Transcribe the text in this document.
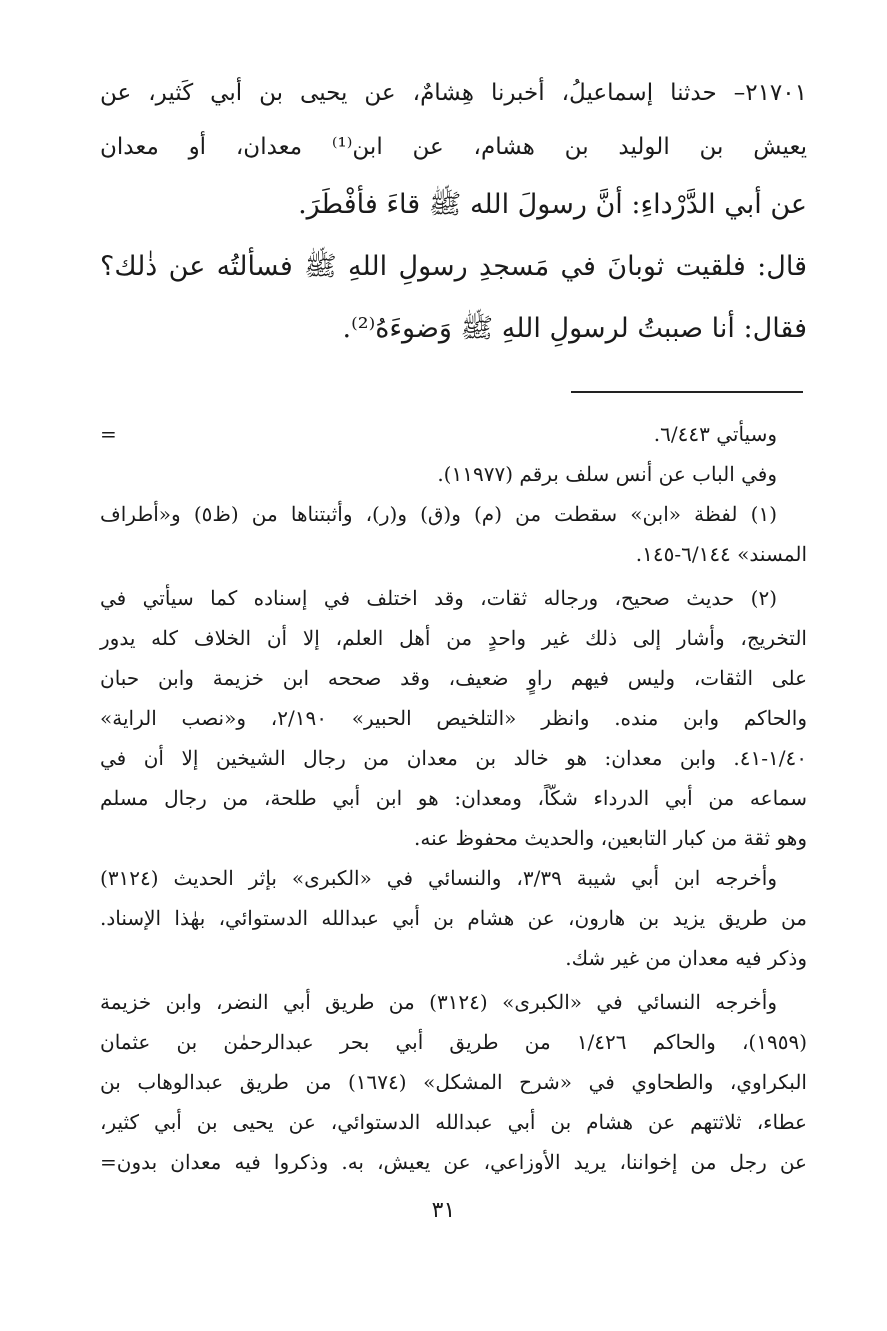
٢١٧٠١– حدثنا إسماعيلُ، أخبرنا هِشامٌ، عن يحيى بن أبي كَثير، عن
يعيش بن الوليد بن هشام، عن ابن⁽¹⁾ معدان، أو معدان
عن أبي الدَّرْداءِ: أنَّ رسولَ الله ﷺ قاءَ فأفْطَرَ.
قال: فلقيت ثوبانَ في مَسجدِ رسولِ اللهِ ﷺ فسألتُه عن ذٰلك؟
فقال: أنا صببتُ لرسولِ اللهِ ﷺ وَضوءَهُ⁽²⁾.
=	وسيأتي ٦/٤٤٣.
وفي الباب عن أنس سلف برقم (١١٩٧٧).
(١) لفظة «ابن» سقطت من (م) و(ق) و(ر)، وأثبتناها من (ظ٥) و«أطراف
المسند» ٦/١٤٤-١٤٥.
(٢) حديث صحيح، ورجاله ثقات، وقد اختلف في إسناده كما سيأتي في
التخريج، وأشار إلى ذلك غير واحدٍ من أهل العلم، إلا أن الخلاف كله يدور
على الثقات، وليس فيهم راوٍ ضعيف، وقد صححه ابن خزيمة وابن حبان
والحاكم وابن منده. وانظر «التلخيص الحبير» ٢/١٩٠، و«نصب الراية»
١/٤٠-٤١. وابن معدان: هو خالد بن معدان من رجال الشيخين إلا أن في
سماعه من أبي الدرداء شكّاً، ومعدان: هو ابن أبي طلحة، من رجال مسلم
وهو ثقة من كبار التابعين، والحديث محفوظ عنه.
وأخرجه ابن أبي شيبة ٣/٣٩، والنسائي في «الكبرى» بإثر الحديث (٣١٢٤)
من طريق يزيد بن هارون، عن هشام بن أبي عبدالله الدستوائي، بهٰذا الإسناد.
وذكر فيه معدان من غير شك.
وأخرجه النسائي في «الكبرى» (٣١٢٤) من طريق أبي النضر، وابن خزيمة
(١٩٥٩)، والحاكم ١/٤٢٦ من طريق أبي بحر عبدالرحمٰن بن عثمان
البكراوي، والطحاوي في «شرح المشكل» (١٦٧٤) من طريق عبدالوهاب بن
عطاء، ثلاثتهم عن هشام بن أبي عبدالله الدستوائي، عن يحيى بن أبي كثير،
عن رجل من إخواننا، يريد الأوزاعي، عن يعيش، به. وذكروا فيه معدان بدون=
٣١
